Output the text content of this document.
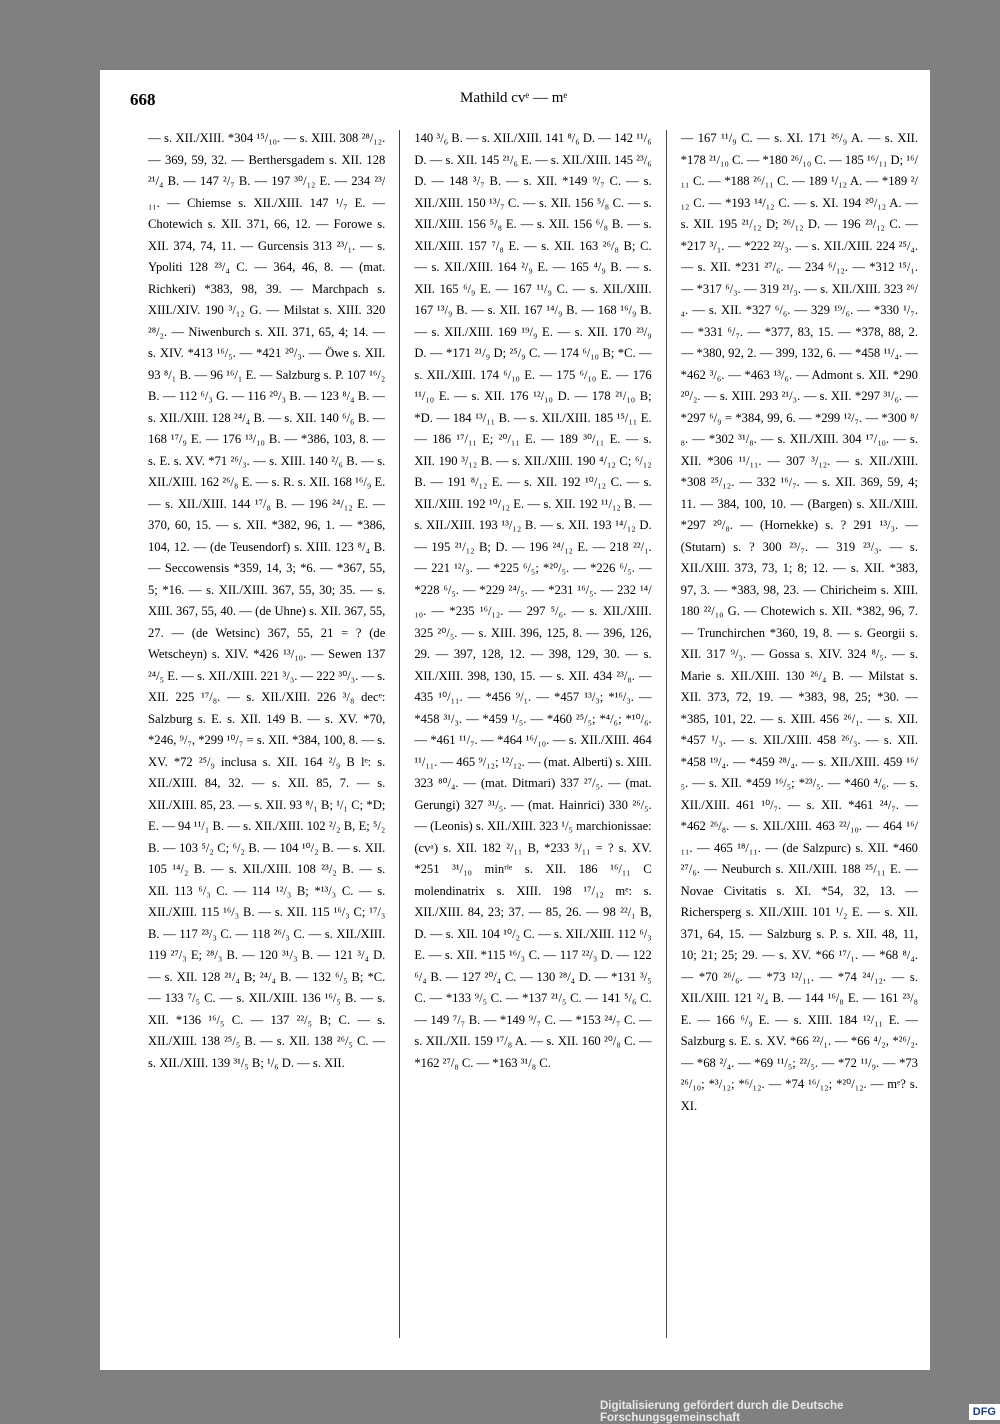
668	Mathild cvᵉ — mᵉ
— s. XII./XIII. *304 ¹⁵/₁₀. — s. XIII. 308 ²⁸/₁₂. — 369, 59, 32. — Berthersgadem s. XII. 128 ²¹/₄ B. — 147 ²/₇ B. — 197 ³⁰/₁₂ E. — 234 ²³/₁₁. — Chiemse s. XII./XIII. 147 ¹/₇ E. — Chotewich s. XII. 371, 66, 12. — Forowe s. XII. 374, 74, 11. — Gurcensis 313 ²³/₁. — s. Ypoliti 128 ²³/₄ C. — 364, 46, 8. — (mat. Richkeri) *383, 98, 39. — Marchpach s. XIII./XIV. 190 ³/₁₂ G. — Milstat s. XIII. 320 ²⁸/₂. — Niwenburch s. XII. 371, 65, 4; 14. — s. XIV. *413 ¹⁶/₅. — *421 ²⁰/₃. — Öwe s. XII. 93 ⁸/₁ B. — 96 ¹⁶/₁ E. — Salzburg s. P. 107 ¹⁶/₂ B. — 112 ⁶/₃ G. — 116 ²⁰/₃ B. — 123 ⁸/₄ B. — s. XII./XIII. 128 ²⁴/₄ B. — s. XII. 140 ⁶/₆ B. — 168 ¹⁷/₉ E. — 176 ¹³/₁₀ B. — *386, 103, 8. — s. E. s. XV. *71 ²⁶/₃. — s. XIII. 140 ²/₆ B. — s. XII./XIII. 162 ²⁶/₈ E. — s. R. s. XII. 168 ¹⁶/₉ E. — s. XII./XIII. 144 ¹⁷/₈ B. — 196 ²⁴/₁₂ E. — 370, 60, 15. — s. XII. *382, 96, 1. — *386, 104, 12. — (de Teusendorf) s. XIII. 123 ⁸/₄ B. — Seccowensis *359, 14, 3; *6. — *367, 55, 5; *16. — s. XII./XIII. 367, 55, 30; 35. — s. XIII. 367, 55, 40. — (de Uhne) s. XII. 367, 55, 27. — (de Wetsinc) 367, 55, 21 = ? (de Wetscheyn) s. XIV. *426 ¹³/₁₀. — Sewen 137 ²⁴/₅ E. — s. XII./XIII. 221 ³/₃. — 222 ³⁰/₃. — s. XII. 225 ¹⁷/₈. — s. XII./XIII. 226 ³/₈ decᵉ: Salzburg s. E. s. XII. 149 B. — s. XV. *70, *246, ⁹/₇, *299 ¹⁰/₇ = s. XII. *384, 100, 8. — s. XV. *72 ²⁵/₉ inclusa s. XII. 164 ²/₉ B lᵉ: s. XII./XIII. 84, 32. — s. XII. 85, 7. — s. XII./XIII. 85, 23. — s. XII. 93 ⁸/₁ B; ¹/₁ C; *D; E. — 94 ¹¹/₁ B. — s. XII./XIII. 102 ²/₂ B, E; ⁵/₂ B. — 103 ⁵/₂ C; ⁶/₂ B. — 104 ¹⁰/₂ B. — s. XII. 105 ¹⁴/₂ B. — s. XII./XIII. 108 ²³/₂ B. — s. XII. 113 ⁶/₃ C. — 114 ¹²/₃ B; *¹³/₃ C. — s. XII./XIII. 115 ¹⁶/₃ B. — s. XII. 115 ¹⁶/₃ C; ¹⁷/₃ B. — 117 ²³/₃ C. — 118 ²⁶/₃ C. — s. XII./XIII. 119 ²⁷/₃ E; ²⁸/₃ B. — 120 ³¹/₃ B. — 121 ³/₄ D. — s. XII. 128 ²¹/₄ B; ²⁴/₄ B. — 132 ⁶/₅ B; *C. — 133 ⁷/₅ C. — s. XII./XIII. 136 ¹⁶/₅ B. — s. XII. *136 ¹⁶/₅ C. — 137 ²²/₅ B; C. — s. XII./XIII. 138 ²⁵/₅ B. — s. XII. 138 ²⁶/₅ C. — s. XII./XIII. 139 ³¹/₅ B; ¹/₆ D. — s. XII.
140 ³/₆ B. — s. XII./XIII. 141 ⁸/₆ D. — 142 ¹¹/₆ D. — s. XII. 145 ²¹/₆ E. — s. XII./XIII. 145 ²³/₆ D. — 148 ³/₇ B. — s. XII. *149 ⁹/₇ C. — s. XII./XIII. 150 ¹³/₇ C. — s. XII. 156 ⁵/₈ C. — s. XII./XIII. 156 ⁵/₈ E. — s. XII. 156 ⁶/₈ B. — s. XII./XIII. 157 ⁷/₈ E. — s. XII. 163 ²⁶/₈ B; C. — s. XII./XIII. 164 ²/₉ E. — 165 ⁴/₉ B. — s. XII. 165 ⁶/₉ E. — 167 ¹¹/₉ C. — s. XII./XIII. 167 ¹³/₉ B. — s. XII. 167 ¹⁴/₉ B. — 168 ¹⁶/₉ B. — s. XII./XIII. 169 ¹⁹/₉ E. — s. XII. 170 ²³/₉ D. — *171 ²¹/₉ D; ²⁵/₉ C. — 174 ⁶/₁₀ B; *C. — s. XII./XIII. 174 ⁶/₁₀ E. — 175 ⁶/₁₀ E. — 176 ¹¹/₁₀ E. — s. XII. 176 ¹²/₁₀ D. — 178 ²¹/₁₀ B; *D. — 184 ¹³/₁₁ B. — s. XII./XIII. 185 ¹⁵/₁₁ E. — 186 ¹⁷/₁₁ E; ²⁰/₁₁ E. — 189 ³⁰/₁₁ E. — s. XII. 190 ³/₁₂ B. — s. XII./XIII. 190 ⁴/₁₂ C; ⁶/₁₂ B. — 191 ⁸/₁₂ E. — s. XII. 192 ¹⁰/₁₂ C. — s. XII./XIII. 192 ¹⁰/₁₂ E. — s. XII. 192 ¹¹/₁₂ B. — s. XII./XIII. 193 ¹³/₁₂ B. — s. XII. 193 ¹⁴/₁₂ D. — 195 ²¹/₁₂ B; D. — 196 ²⁴/₁₂ E. — 218 ²²/₁. — 221 ¹²/₃. — *225 ⁶/₅; *²⁰/₅. — *226 ⁶/₅. — *228 ⁶/₅. — *229 ²⁴/₅. — *231 ¹⁶/₅. — 232 ¹⁴/₁₀. — *235 ¹⁶/₁₂. — 297 ⁵/₆. — s. XII./XIII. 325 ²⁰/₅. — s. XIII. 396, 125, 8. — 396, 126, 29. — 397, 128, 12. — 398, 129, 30. — s. XII./XIII. 398, 130, 15. — s. XII. 434 ²³/₈. — 435 ¹⁰/₁₁. — *456 ⁹/₁. — *457 ¹³/₃; *¹⁶/₃. — *458 ³¹/₃. — *459 ¹/₅. — *460 ²⁵/₅; *⁴/₆; *¹⁰/₆. — *461 ¹¹/₇. — *464 ¹⁶/₁₀. — s. XII./XIII. 464 ¹¹/₁₁. — 465 ⁹/₁₂; ¹²/₁₂. — (mat. Alberti) s. XIII. 323 ⁸⁰/₄. — (mat. Ditmari) 337 ²⁷/₅. — (mat. Gerungi) 327 ³¹/₅. — (mat. Hainrici) 330 ²⁶/₅. — (Leonis) s. XII./XIII. 323 ¹/₅ marchionissae: (cvᵃ) s. XII. 182 ²/₁₁ B, *233 ³/₁₁ = ? s. XV. *251 ³¹/₁₀ minʳˡᵉ s. XII. 186 ¹⁶/₁₁ C molendinatrix s. XIII. 198 ¹⁷/₁₂ mᵉ: s. XII./XIII. 84, 23; 37. — 85, 26. — 98 ²²/₁ B, D. — s. XII. 104 ¹⁰/₂ C. — s. XII./XIII. 112 ⁶/₃ E. — s. XII. *115 ¹⁶/₃ C. — 117 ²²/₃ D. — 122 ⁶/₄ B. — 127 ²⁰/₄ C. — 130 ²⁸/₄ D. — *131 ³/₅ C. — *133 ⁹/₅ C. — *137 ²¹/₅ C. — 141 ⁵/₆ C. — 149 ⁷/₇ B. — *149 ⁹/₇ C. — *153 ²⁴/₇ C. — s. XII./XII. 159 ¹⁷/₈ A. — s. XII. 160 ²⁰/₈ C. — *162 ²⁷/₈ C. — *163 ³¹/₈ C.
— 167 ¹¹/₉ C. — s. XI. 171 ²⁶/₉ A. — s. XII. *178 ²¹/₁₀ C. — *180 ²⁶/₁₀ C. — 185 ¹⁶/₁₁ D; ¹⁶/₁₁ C. — *188 ²⁶/₁₁ C. — 189 ¹/₁₂ A. — *189 ²/₁₂ C. — *193 ¹⁴/₁₂ C. — s. XI. 194 ²⁰/₁₂ A. — s. XII. 195 ²¹/₁₂ D; ²⁶/₁₂ D. — 196 ²³/₁₂ C. — *217 ³/₁. — *222 ²²/₃. — s. XII./XIII. 224 ²⁵/₄. — s. XII. *231 ²⁷/₆. — 234 ⁶/₁₂. — *312 ¹⁵/₁. — *317 ⁶/₃. — 319 ²¹/₃. — s. XII./XIII. 323 ²⁶/₄. — s. XII. *327 ⁶/₆. — 329 ¹⁹/₆. — *330 ¹/₇. — *331 ⁶/₇. — *377, 83, 15. — *378, 88, 2. — *380, 92, 2. — 399, 132, 6. — *458 ¹¹/₄. — *462 ³/₆. — *463 ¹³/₆. — Admont s. XII. *290 ²⁰/₂. — s. XIII. 293 ²¹/₃. — s. XII. *297 ³¹/₆. — *297 ⁶/₉ = *384, 99, 6. — *299 ¹²/₇. — *300 ⁸/₈. — *302 ³¹/₈. — s. XII./XIII. 304 ¹⁷/₁₀. — s. XII. *306 ¹¹/₁₁. — 307 ³/₁₂. — s. XII./XIII. *308 ²⁵/₁₂. — 332 ¹⁶/₇. — s. XII. 369, 59, 4; 11. — 384, 100, 10. — (Bargen) s. XII./XIII. *297 ²⁰/₈. — (Hornekke) s. ? 291 ¹³/₃. — (Stutarn) s. ? 300 ²³/₇. — 319 ²³/₃. — s. XII./XIII. 373, 73, 1; 8; 12. — s. XII. *383, 97, 3. — *383, 98, 23. — Chiricheim s. XIII. 180 ²²/₁₀ G. — Chotewich s. XII. *382, 96, 7. — Trunchirchen *360, 19, 8. — s. Georgii s. XII. 317 ⁹/₃. — Gossa s. XIV. 324 ⁸/₅. — s. Marie s. XII./XIII. 130 ²⁶/₄ B. — Milstat s. XII. 373, 72, 19. — *383, 98, 25; *30. — *385, 101, 22. — s. XIII. 456 ²⁶/₁. — s. XII. *457 ¹/₃. — s. XII./XIII. 458 ²⁶/₃. — s. XII. *458 ¹⁹/₄. — *459 ²⁸/₄. — s. XII./XIII. 459 ¹⁶/₅. — s. XII. *459 ¹⁶/₅; *²³/₅. — *460 ⁴/₆. — s. XII./XIII. 461 ¹⁰/₇. — s. XII. *461 ²⁴/₇. — *462 ²⁶/₈. — s. XII./XIII. 463 ²²/₁₀. — 464 ¹⁶/₁₁. — 465 ¹⁸/₁₁. — (de Salzpurc) s. XII. *460 ²⁷/₆. — Neuburch s. XII./XIII. 188 ²⁵/₁₁ E. — Novae Civitatis s. XI. *54, 32, 13. — Richersperg s. XII./XIII. 101 ¹/₂ E. — s. XII. 371, 64, 15. — Salzburg s. P. s. XII. 48, 11, 10; 21; 25; 29. — s. XV. *66 ¹⁷/₁. — *68 ⁸/₄. — *70 ²⁶/₆. — *73 ¹²/₁₁. — *74 ²⁴/₁₂. — s. XII./XIII. 121 ²/₄ B. — 144 ¹⁶/₈ E. — 161 ²³/₈ E. — 166 ⁶/₉ E. — s. XIII. 184 ¹²/₁₁ E. — Salzburg s. E. s. XV. *66 ²²/₁. — *66 ⁴/₂, *²⁶/₂. — *68 ²/₄. — *69 ¹¹/₅; ²²/₅. — *72 ¹¹/₉. — *73 ²⁶/₁₀; *³/₁₂; *⁶/₁₂. — *74 ¹⁶/₁₂; *²⁰/₁₂. — mᵉ? s. XI.
Digitalisierung gefördert durch die Deutsche Forschungsgemeinschaft	DFG
